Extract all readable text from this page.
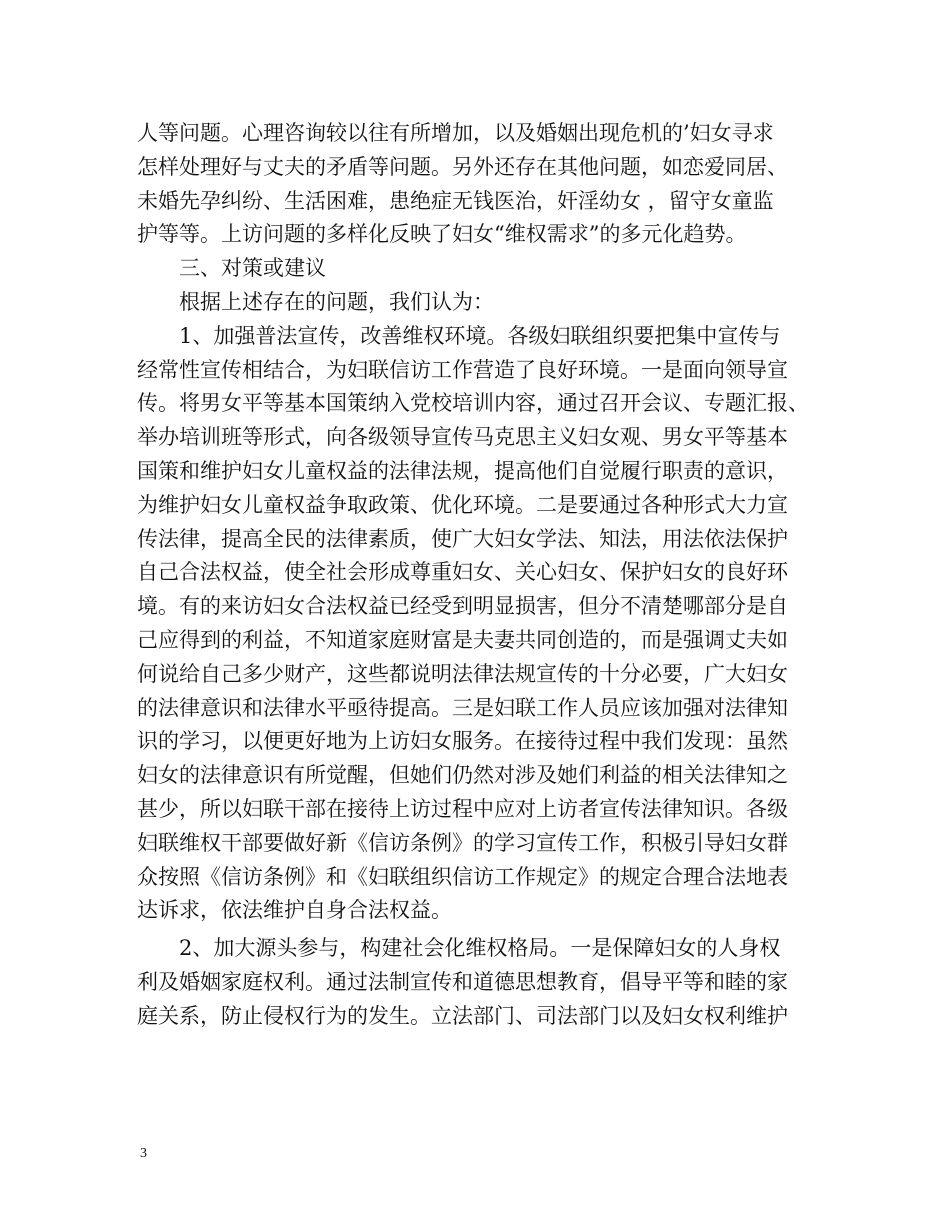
人等问题。心理咨询较以往有所增加，以及婚姻出现危机的’妇女寻求
怎样处理好与丈夫的矛盾等问题。另外还存在其他问题，如恋爱同居、
未婚先孕纠纷、生活困难，患绝症无钱医治，奸淫幼女 ，留守女童监
护等等。上访问题的多样化反映了妇女“维权需求”的多元化趋势。
三、对策或建议
根据上述存在的问题，我们认为：
1、加强普法宣传，改善维权环境。各级妇联组织要把集中宣传与
经常性宣传相结合，为妇联信访工作营造了良好环境。一是面向领导宣
传。将男女平等基本国策纳入党校培训内容，通过召开会议、专题汇报、
举办培训班等形式，向各级领导宣传马克思主义妇女观、男女平等基本
国策和维护妇女儿童权益的法律法规，提高他们自觉履行职责的意识，
为维护妇女儿童权益争取政策、优化环境。二是要通过各种形式大力宣
传法律，提高全民的法律素质，使广大妇女学法、知法，用法依法保护
自己合法权益，使全社会形成尊重妇女、关心妇女、保护妇女的良好环
境。有的来访妇女合法权益已经受到明显损害，但分不清楚哪部分是自
己应得到的利益，不知道家庭财富是夫妻共同创造的，而是强调丈夫如
何说给自己多少财产，这些都说明法律法规宣传的十分必要，广大妇女
的法律意识和法律水平亟待提高。三是妇联工作人员应该加强对法律知
识的学习，以便更好地为上访妇女服务。在接待过程中我们发现：虽然
妇女的法律意识有所觉醒，但她们仍然对涉及她们利益的相关法律知之
甚少，所以妇联干部在接待上访过程中应对上访者宣传法律知识。各级
妇联维权干部要做好新《信访条例》的学习宣传工作，积极引导妇女群
众按照《信访条例》和《妇联组织信访工作规定》的规定合理合法地表
达诉求，依法维护自身合法权益。
2、加大源头参与，构建社会化维权格局。一是保障妇女的人身权
利及婚姻家庭权利。通过法制宣传和道德思想教育，倡导平等和睦的家
庭关系，防止侵权行为的发生。立法部门、司法部门以及妇女权利维护
3
